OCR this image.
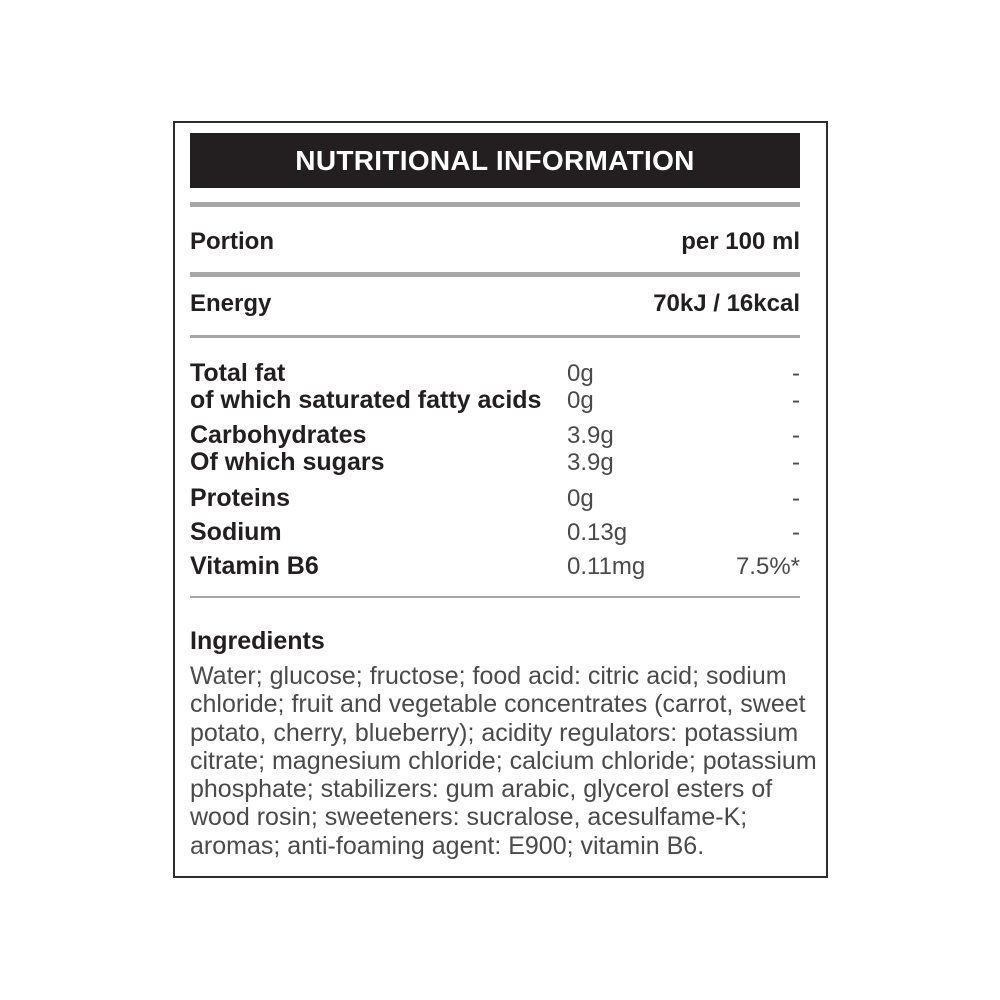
NUTRITIONAL INFORMATION
Portion	per 100 ml
Energy	70kJ / 16kcal
Total fat	0g	-
of which saturated fatty acids	0g	-
Carbohydrates	3.9g	-
Of which sugars	3.9g	-
Proteins	0g	-
Sodium	0.13g	-
Vitamin B6	0.11mg	7.5%*
Ingredients

Water; glucose; fructose; food acid: citric acid; sodium chloride; fruit and vegetable concentrates (carrot, sweet potato, cherry, blueberry); acidity regulators: potassium citrate; magnesium chloride; calcium chloride; potassium phosphate; stabilizers: gum arabic, glycerol esters of wood rosin; sweeteners: sucralose, acesulfame-K; aromas; anti-foaming agent: E900; vitamin B6.
